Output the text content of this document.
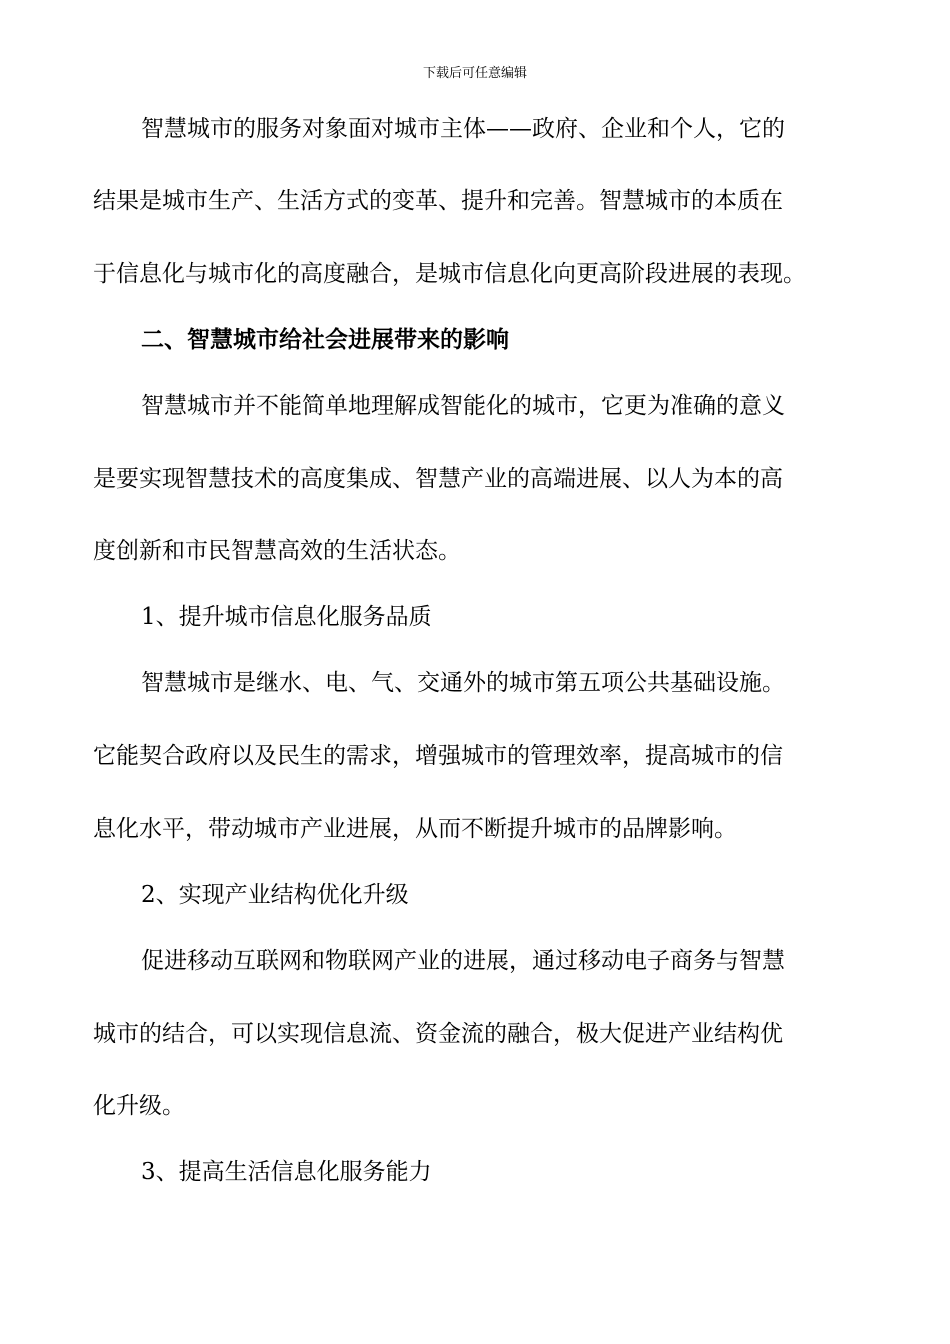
下载后可任意编辑
智慧城市的服务对象面对城市主体——政府、企业和个人，它的
结果是城市生产、生活方式的变革、提升和完善。智慧城市的本质在
于信息化与城市化的高度融合，是城市信息化向更高阶段进展的表现。
二、智慧城市给社会进展带来的影响
智慧城市并不能简单地理解成智能化的城市，它更为准确的意义
是要实现智慧技术的高度集成、智慧产业的高端进展、以人为本的高
度创新和市民智慧高效的生活状态。
1、提升城市信息化服务品质
智慧城市是继水、电、气、交通外的城市第五项公共基础设施。
它能契合政府以及民生的需求，增强城市的管理效率，提高城市的信
息化水平，带动城市产业进展，从而不断提升城市的品牌影响。
2、实现产业结构优化升级
促进移动互联网和物联网产业的进展，通过移动电子商务与智慧
城市的结合，可以实现信息流、资金流的融合，极大促进产业结构优
化升级。
3、提高生活信息化服务能力
